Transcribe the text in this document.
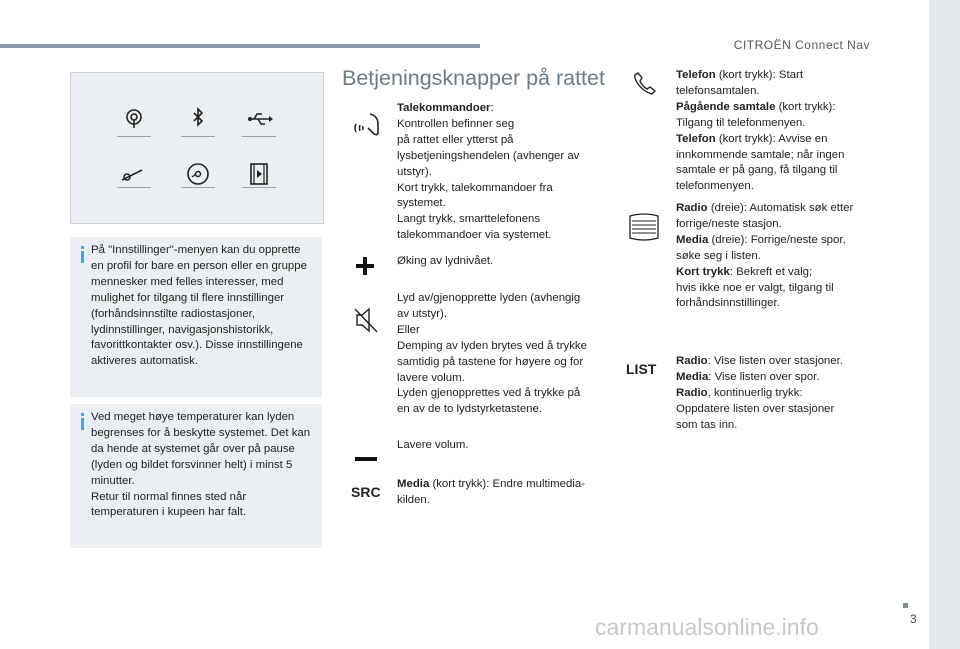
CITROËN Connect Nav
3
carmanualsonline.info
På "Innstillinger"-menyen kan du opprette en profil for bare en person eller en gruppe mennesker med felles interesser, med mulighet for tilgang til flere innstillinger (forhåndsinnstilte radiostasjoner, lydinnstillinger, navigasjonshistorikk, favorittkontakter osv.). Disse innstillingene aktiveres automatisk.
Ved meget høye temperaturer kan lyden begrenses for å beskytte systemet. Det kan da hende at systemet går over på pause (lyden og bildet forsvinner helt) i minst 5 minutter.
Retur til normal finnes sted når temperaturen i kupeen har falt.
Betjeningsknapper på rattet

Talekommandoer:

Kontrollen befinner seg
på rattet eller ytterst på lysbetjeningshendelen (avhenger av utstyr).
Kort trykk, talekommandoer fra systemet.
Langt trykk, smarttelefonens talekommandoer via systemet.

Øking av lydnivået.
Lyd av/gjenopprette lyden (avhengig av utstyr).
Eller
Demping av lyden brytes ved å trykke samtidig på tastene for høyere og for lavere volum.
Lyden gjenopprettes ved å trykke på en av de to lydstyrketastene.
Lavere volum.
SRC Media (kort trykk): Endre multimedia-kilden.

Telefon (kort trykk): Start telefonsamtalen.

Pågående samtale (kort trykk): Tilgang til telefonmenyen.

Telefon (kort trykk): Avvise en innkommende samtale; når ingen samtale er på gang, få tilgang til telefonmenyen.

Radio (dreie): Automatisk søk etter forrige/neste stasjon.

Media (dreie): Forrige/neste spor, søke seg i listen.

Kort trykk: Bekreft et valg;
hvis ikke noe er valgt, tilgang til forhåndsinnstillinger.

LIST Radio: Vise listen over stasjoner.

Media: Vise listen over spor.

Radio, kontinuerlig trykk: Oppdatere listen over stasjoner som tas inn.
